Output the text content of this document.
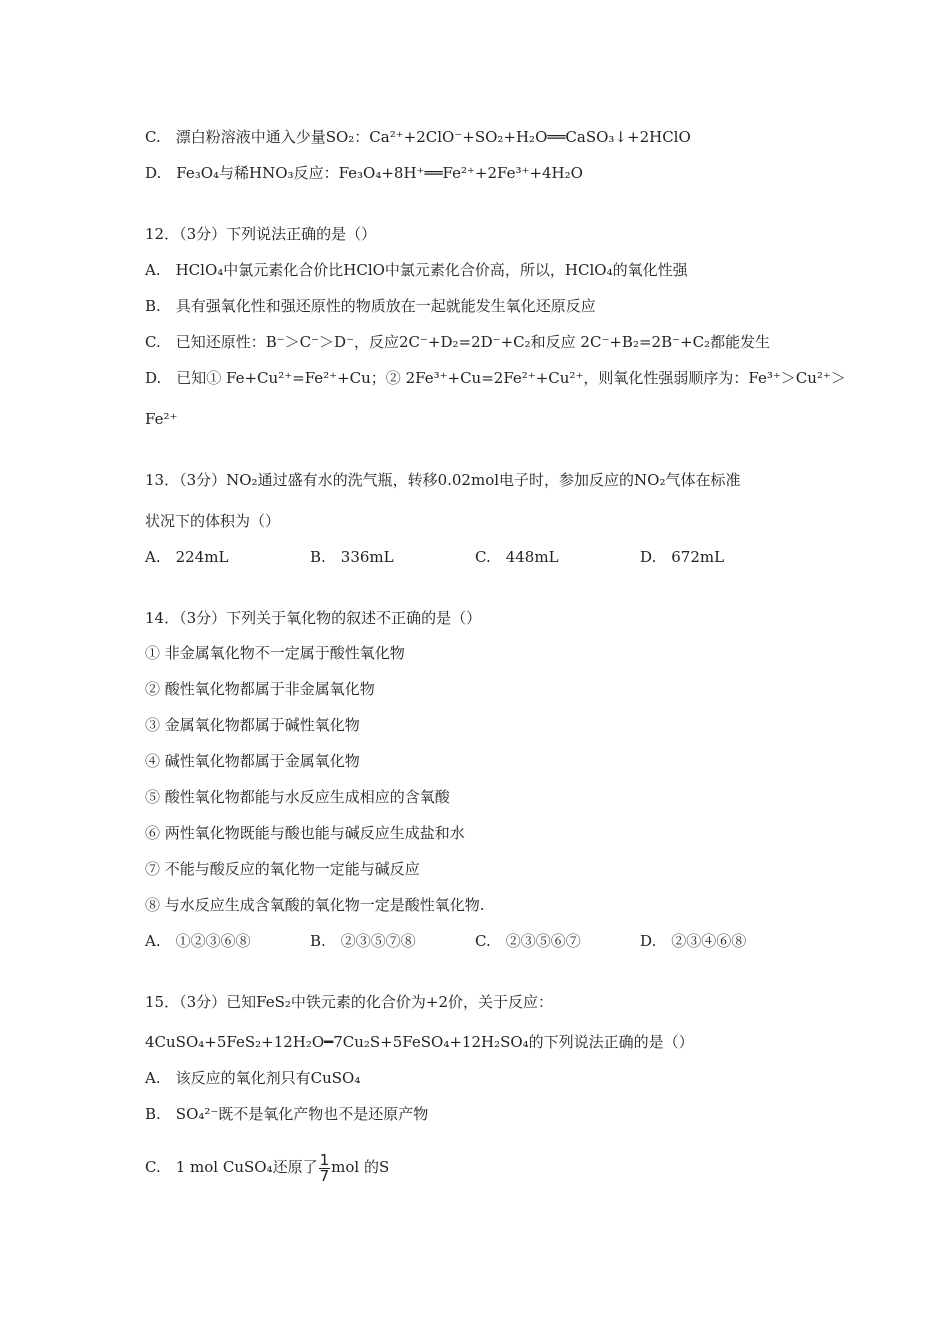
C.　漂白粉溶液中通入少量SO₂：Ca²⁺+2ClO⁻+SO₂+H₂O══CaSO₃↓+2HClO
D.　Fe₃O₄与稀HNO₃反应：Fe₃O₄+8H⁺══Fe²⁺+2Fe³⁺+4H₂O
12．（3分）下列说法正确的是（）
A.　HClO₄中氯元素化合价比HClO中氯元素化合价高，所以，HClO₄的氧化性强
B.　具有强氧化性和强还原性的物质放在一起就能发生氧化还原反应
C.　已知还原性：B⁻＞C⁻＞D⁻，反应2C⁻+D₂=2D⁻+C₂和反应 2C⁻+B₂=2B⁻+C₂都能发生
D.　已知① Fe+Cu²⁺=Fe²⁺+Cu；② 2Fe³⁺+Cu=2Fe²⁺+Cu²⁺，则氧化性强弱顺序为：Fe³⁺＞Cu²⁺＞
Fe²⁺
13．（3分）NO₂通过盛有水的洗气瓶，转移0.02mol电子时，参加反应的NO₂气体在标准
状况下的体积为（）
A.　224mL	B.　336mL	C.　448mL	D.　672mL
14．（3分）下列关于氧化物的叙述不正确的是（）
① 非金属氧化物不一定属于酸性氧化物
② 酸性氧化物都属于非金属氧化物
③ 金属氧化物都属于碱性氧化物
④ 碱性氧化物都属于金属氧化物
⑤ 酸性氧化物都能与水反应生成相应的含氧酸
⑥ 两性氧化物既能与酸也能与碱反应生成盐和水
⑦ 不能与酸反应的氧化物一定能与碱反应
⑧ 与水反应生成含氧酸的氧化物一定是酸性氧化物.
A.　①②③⑥⑧	B.　②③⑤⑦⑧	C.　②③⑤⑥⑦	D.　②③④⑥⑧
15．（3分）已知FeS₂中铁元素的化合价为+2价，关于反应：
4CuSO₄+5FeS₂+12H₂O━7Cu₂S+5FeSO₄+12H₂SO₄的下列说法正确的是（）
A.　该反应的氧化剂只有CuSO₄
B.　SO₄²⁻既不是氧化产物也不是还原产物
C.　1 mol CuSO₄还原了 $\frac{1}{7}$ mol 的S
